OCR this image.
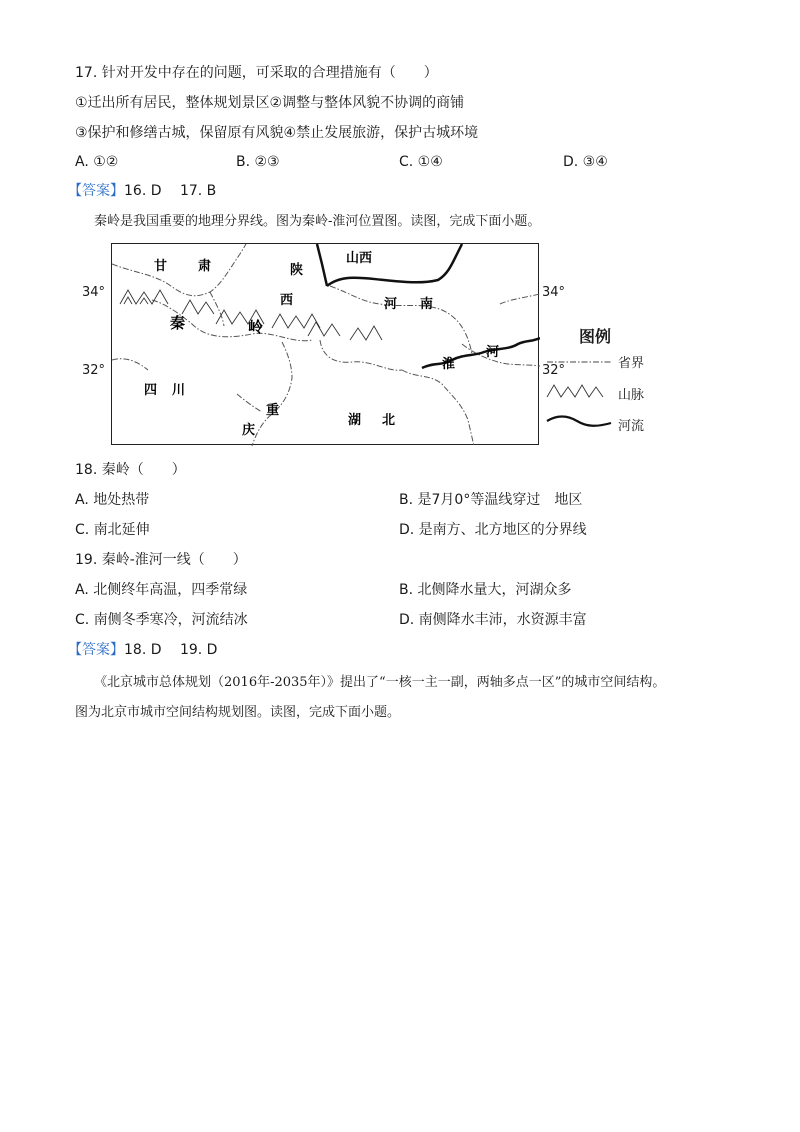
17. 针对开发中存在的问题，可采取的合理措施有（　　）
①迁出所有居民，整体规划景区②调整与整体风貌不协调的商铺
③保护和修缮古城，保留原有风貌④禁止发展旅游，保护古城环境
A. ①②	B. ②③	C. ①④	D. ③④
【答案】16. D　 17. B
秦岭是我国重要的地理分界线。图为秦岭-淮河位置图。读图，完成下面小题。
甘 肃	陕
西
山西
河 南
四 川
重
庆
湖 北
秦	岭
淮
河
34°	34°
32°	32°
图例
省界
山脉
河流
18. 秦岭（　　）
A. 地处热带	B. 是7月0°等温线穿过　地区
C. 南北延伸	D. 是南方、北方地区的分界线
19. 秦岭-淮河一线（　　）
A. 北侧终年高温，四季常绿	B. 北侧降水量大，河湖众多
C. 南侧冬季寒冷，河流结冰	D. 南侧降水丰沛，水资源丰富
【答案】18. D　 19. D
《北京城市总体规划（2016年-2035年）》提出了“一核一主一副，两轴多点一区”的城市空间结构。
图为北京市城市空间结构规划图。读图，完成下面小题。
